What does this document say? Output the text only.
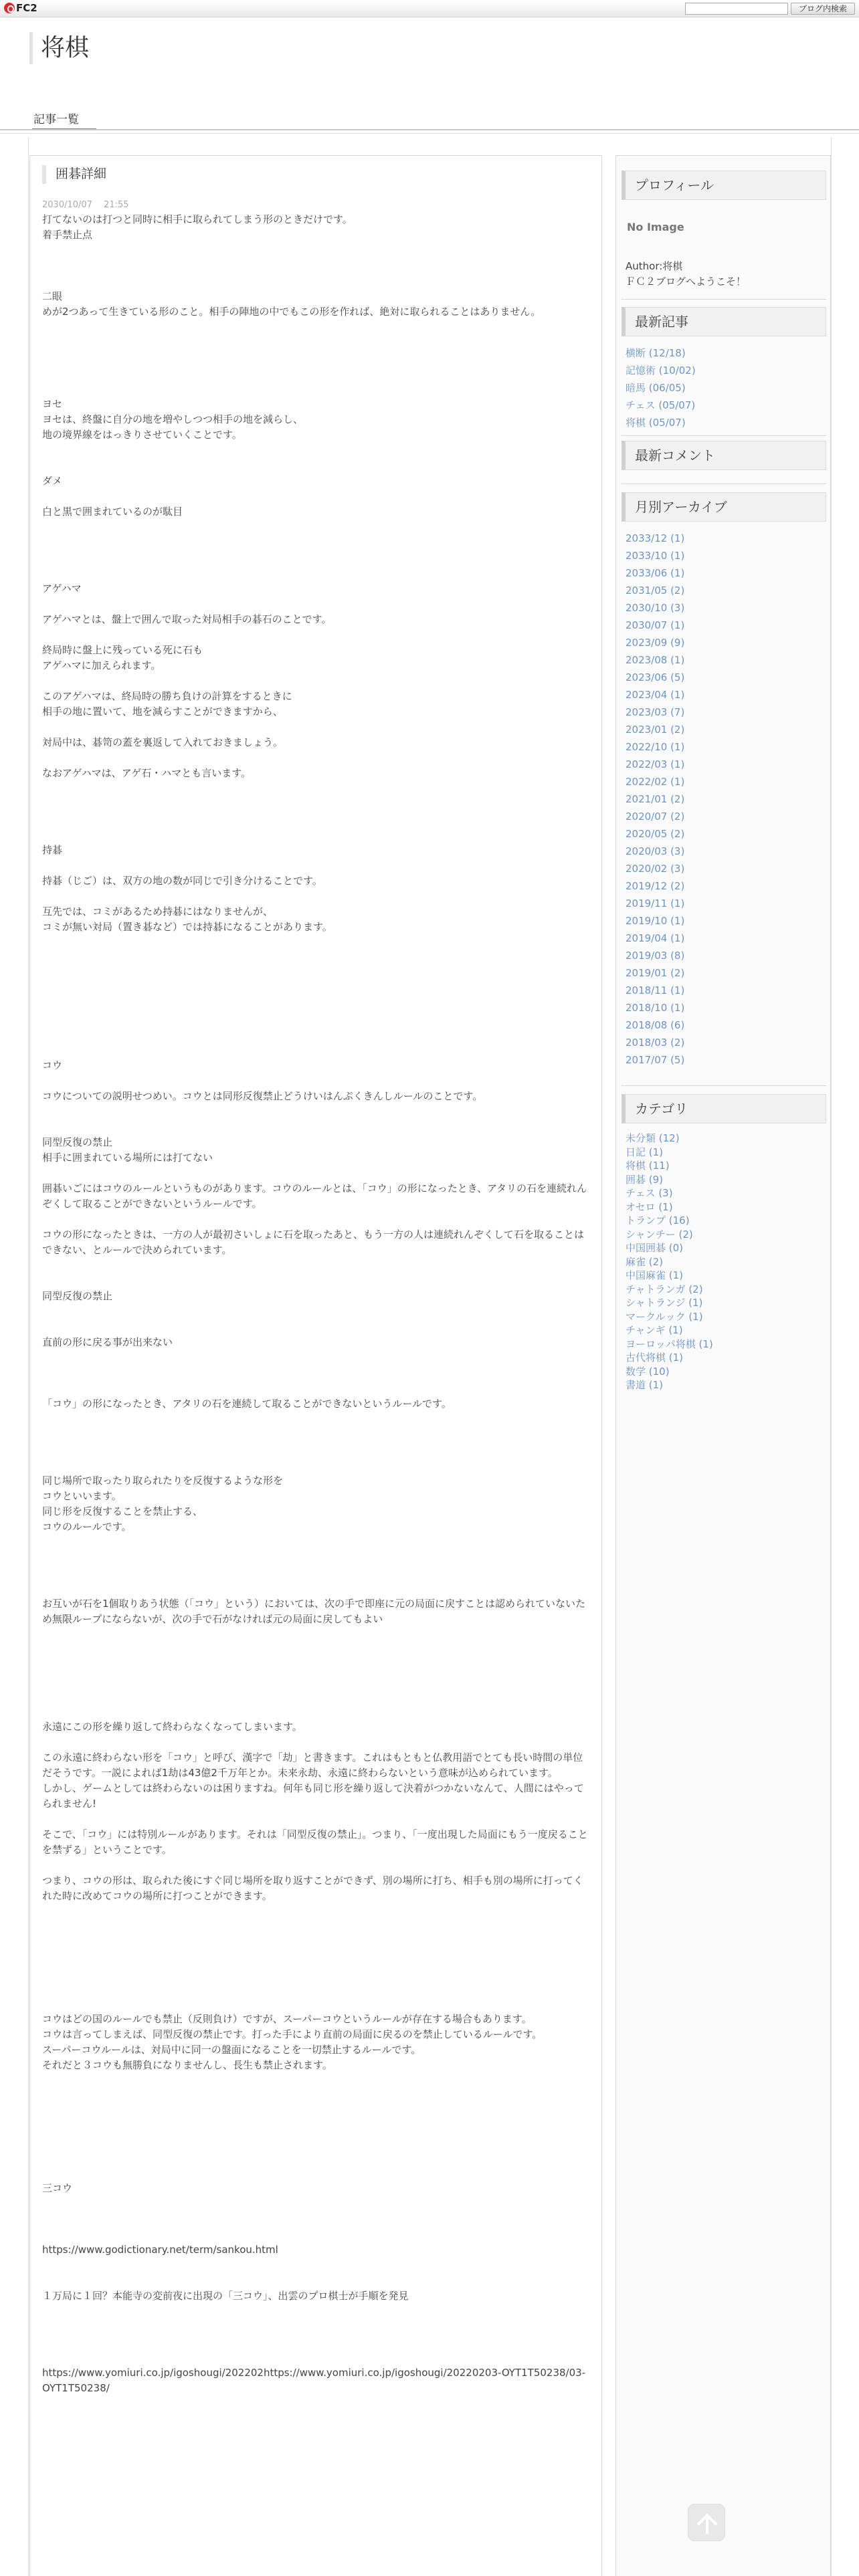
FC2	ブログ内検索
将棋
記事一覧
囲碁詳細
2030/10/07　 21:55

打てないのは打つと同時に相手に取られてしまう形のときだけです。
着手禁止点

二眼
めが2つあって生きている形のこと。相手の陣地の中でもこの形を作れば、絶対に取られることはありません。

ヨセ
ヨセは、終盤に自分の地を増やしつつ相手の地を減らし、
地の境界線をはっきりさせていくことです。

ダメ

白と黒で囲まれているのが駄目

アゲハマ

アゲハマとは、盤上で囲んで取った対局相手の碁石のことです。

終局時に盤上に残っている死に石も
アゲハマに加えられます。

このアゲハマは、終局時の勝ち負けの計算をするときに
相手の地に置いて、地を減らすことができますから、

対局中は、碁笥の蓋を裏返して入れておきましょう。

なおアゲハマは、アゲ石・ハマとも言います。

持碁

持碁（じご）は、双方の地の数が同じで引き分けることです。

互先では、コミがあるため持碁にはなりませんが、
コミが無い対局（置き碁など）では持碁になることがあります。

コウ

コウについての説明せつめい。コウとは同形反復禁止どうけいはんぷくきんしルールのことです。

同型反復の禁止
相手に囲まれている場所には打てない

囲碁いごにはコウのルールというものがあります。コウのルールとは、「コウ」の形になったとき、アタリの石を連続れんぞくして取ることができないというルールです。

コウの形になったときは、一方の人が最初さいしょに石を取ったあと、もう一方の人は連続れんぞくして石を取ることはできない、とルールで決められています。

同型反復の禁止

直前の形に戻る事が出来ない

「コウ」の形になったとき、アタリの石を連続して取ることができないというルールです。

同じ場所で取ったり取られたりを反復するような形を
コウといいます。
同じ形を反復することを禁止する、
コウのルールです。

お互いが石を1個取りあう状態（「コウ」という）においては、次の手で即座に元の局面に戻すことは認められていないため無限ループにならないが、次の手で石がなければ元の局面に戻してもよい

永遠にこの形を繰り返して終わらなくなってしまいます。

この永遠に終わらない形を「コウ」と呼び、漢字で「劫」と書きます。これはもともと仏教用語でとても長い時間の単位だそうです。一説によれば1劫は43億2千万年とか。未来永劫、永遠に終わらないという意味が込められています。
しかし、ゲームとしては終わらないのは困りますね。何年も同じ形を繰り返して決着がつかないなんて、人間にはやってられません!

そこで、「コウ」には特別ルールがあります。それは「同型反復の禁止」。つまり、「一度出現した局面にもう一度戻ることを禁ずる」ということです。

つまり、コウの形は、取られた後にすぐ同じ場所を取り返すことができず、別の場所に打ち、相手も別の場所に打ってくれた時に改めてコウの場所に打つことができます。

コウはどの国のルールでも禁止（反則負け）ですが、スーパーコウというルールが存在する場合もあります。
コウは言ってしまえば、同型反復の禁止です。打った手により直前の局面に戻るのを禁止しているルールです。
スーパーコウルールは、対局中に同一の盤面になることを一切禁止するルールです。
それだと３コウも無勝負になりませんし、長生も禁止されます。

三コウ

https://www.godictionary.net/term/sankou.html

１万局に１回？本能寺の変前夜に出現の「三コウ」、出雲のプロ棋士が手順を発見

https://www.yomiuri.co.jp/igoshougi/202202https://www.yomiuri.co.jp/igoshougi/20220203-OYT1T50238/03-OYT1T50238/

プロフィール
No Image
Author:将棋
ＦＣ２ブログへようこそ！
最新記事
横断 (12/18)
記憶術 (10/02)
暗馬 (06/05)
チェス (05/07)
将棋 (05/07)
最新コメント
月別アーカイブ
2033/12 (1)
2033/10 (1)
2033/06 (1)
2031/05 (2)
2030/10 (3)
2030/07 (1)
2023/09 (9)
2023/08 (1)
2023/06 (5)
2023/04 (1)
2023/03 (7)
2023/01 (2)
2022/10 (1)
2022/03 (1)
2022/02 (1)
2021/01 (2)
2020/07 (2)
2020/05 (2)
2020/03 (3)
2020/02 (3)
2019/12 (2)
2019/11 (1)
2019/10 (1)
2019/04 (1)
2019/03 (8)
2019/01 (2)
2018/11 (1)
2018/10 (1)
2018/08 (6)
2018/03 (2)
2017/07 (5)
カテゴリ
未分類 (12)
日記 (1)
将棋 (11)
囲碁 (9)
チェス (3)
オセロ (1)
トランプ (16)
シャンチー (2)
中国囲碁 (0)
麻雀 (2)
中国麻雀 (1)
チャトランガ (2)
シャトランジ (1)
マークルック (1)
チャンギ (1)
ヨーロッパ将棋 (1)
古代将棋 (1)
数学 (10)
書道 (1)
